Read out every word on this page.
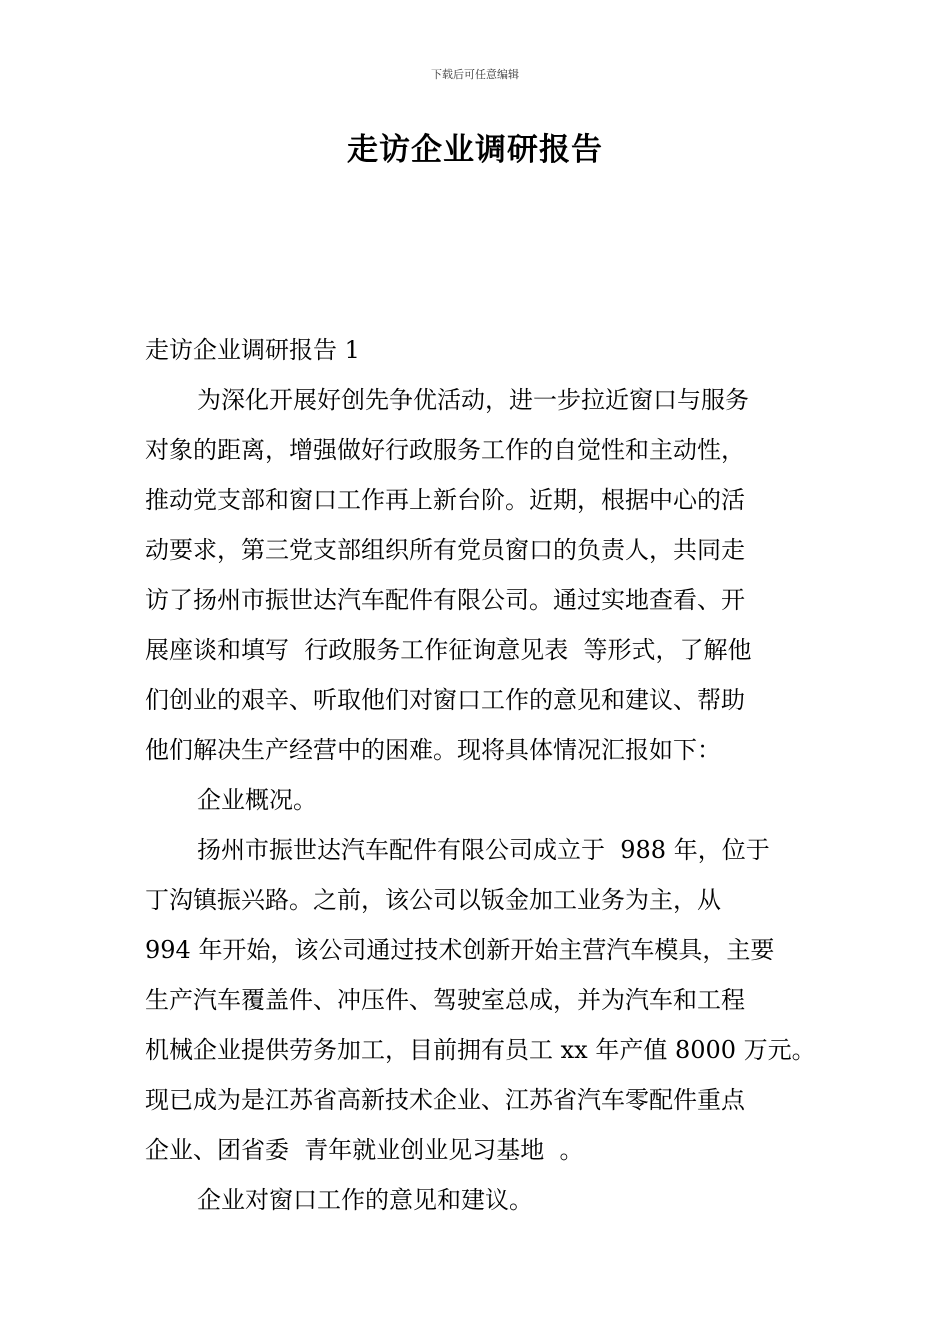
下载后可任意编辑
走访企业调研报告
走访企业调研报告 1
为深化开展好创先争优活动，进一步拉近窗口与服务
对象的距离，增强做好行政服务工作的自觉性和主动性，
推动党支部和窗口工作再上新台阶。近期，根据中心的活
动要求，第三党支部组织所有党员窗口的负责人，共同走
访了扬州市振世达汽车配件有限公司。通过实地查看、开
展座谈和填写  行政服务工作征询意见表  等形式，了解他
们创业的艰辛、听取他们对窗口工作的意见和建议、帮助
他们解决生产经营中的困难。现将具体情况汇报如下：
企业概况。
扬州市振世达汽车配件有限公司成立于  988 年，位于
丁沟镇振兴路。之前，该公司以钣金加工业务为主，从
994 年开始，该公司通过技术创新开始主营汽车模具，主要
生产汽车覆盖件、冲压件、驾驶室总成，并为汽车和工程
机械企业提供劳务加工，目前拥有员工 xx 年产值 8000 万元。
现已成为是江苏省高新技术企业、江苏省汽车零配件重点
企业、团省委  青年就业创业见习基地  。
企业对窗口工作的意见和建议。
